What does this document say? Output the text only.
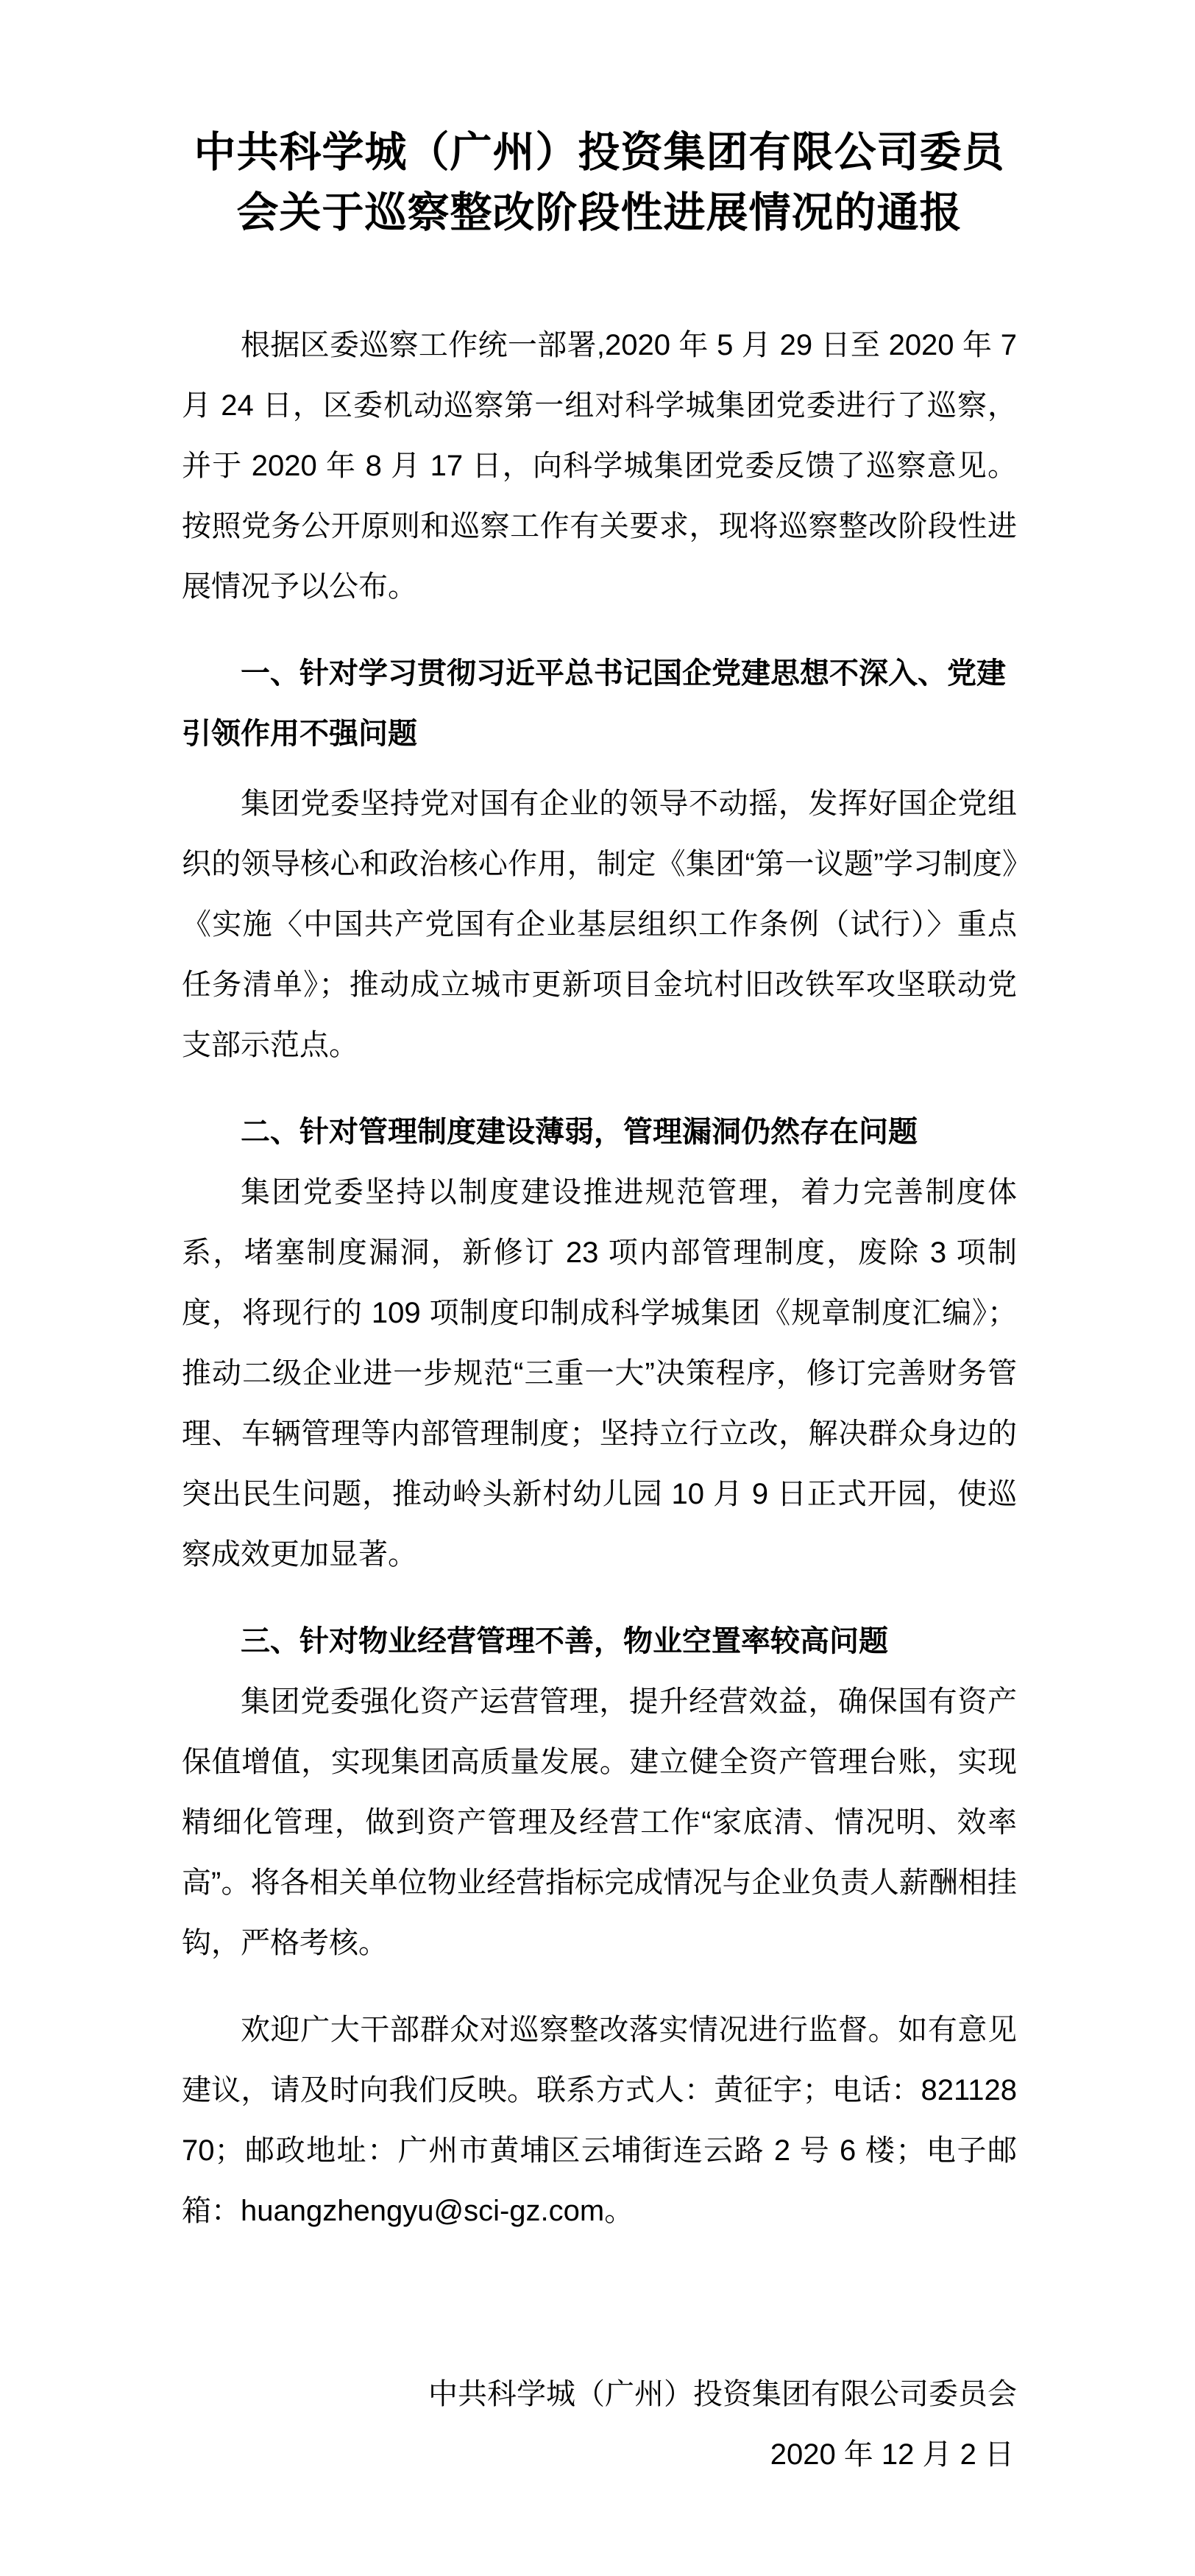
中共科学城（广州）投资集团有限公司委员
会关于巡察整改阶段性进展情况的通报

根据区委巡察工作统一部署,2020 年 5 月 29 日至 2020 年 7 月 24 日，区委机动巡察第一组对科学城集团党委进行了巡察，并于 2020 年 8 月 17 日，向科学城集团党委反馈了巡察意见。按照党务公开原则和巡察工作有关要求，现将巡察整改阶段性进展情况予以公布。

一、针对学习贯彻习近平总书记国企党建思想不深入、党建引领作用不强问题

集团党委坚持党对国有企业的领导不动摇，发挥好国企党组织的领导核心和政治核心作用，制定《集团“第一议题”学习制度》《实施〈中国共产党国有企业基层组织工作条例（试行）〉重点任务清单》；推动成立城市更新项目金坑村旧改铁军攻坚联动党支部示范点。

二、针对管理制度建设薄弱，管理漏洞仍然存在问题

集团党委坚持以制度建设推进规范管理，着力完善制度体系，堵塞制度漏洞，新修订 23 项内部管理制度，废除 3 项制度，将现行的 109 项制度印制成科学城集团《规章制度汇编》；推动二级企业进一步规范“三重一大”决策程序，修订完善财务管理、车辆管理等内部管理制度；坚持立行立改，解决群众身边的突出民生问题，推动岭头新村幼儿园 10 月 9 日正式开园，使巡察成效更加显著。

三、针对物业经营管理不善，物业空置率较高问题

集团党委强化资产运营管理，提升经营效益，确保国有资产保值增值，实现集团高质量发展。建立健全资产管理台账，实现精细化管理，做到资产管理及经营工作“家底清、情况明、效率高”。将各相关单位物业经营指标完成情况与企业负责人薪酬相挂钩，严格考核。

欢迎广大干部群众对巡察整改落实情况进行监督。如有意见建议，请及时向我们反映。联系方式人：黄征宇；电话：82112870；邮政地址：广州市黄埔区云埔街连云路 2 号 6 楼；电子邮箱：huangzhengyu@sci-gz.com。

中共科学城（广州）投资集团有限公司委员会

2020 年 12 月 2 日
